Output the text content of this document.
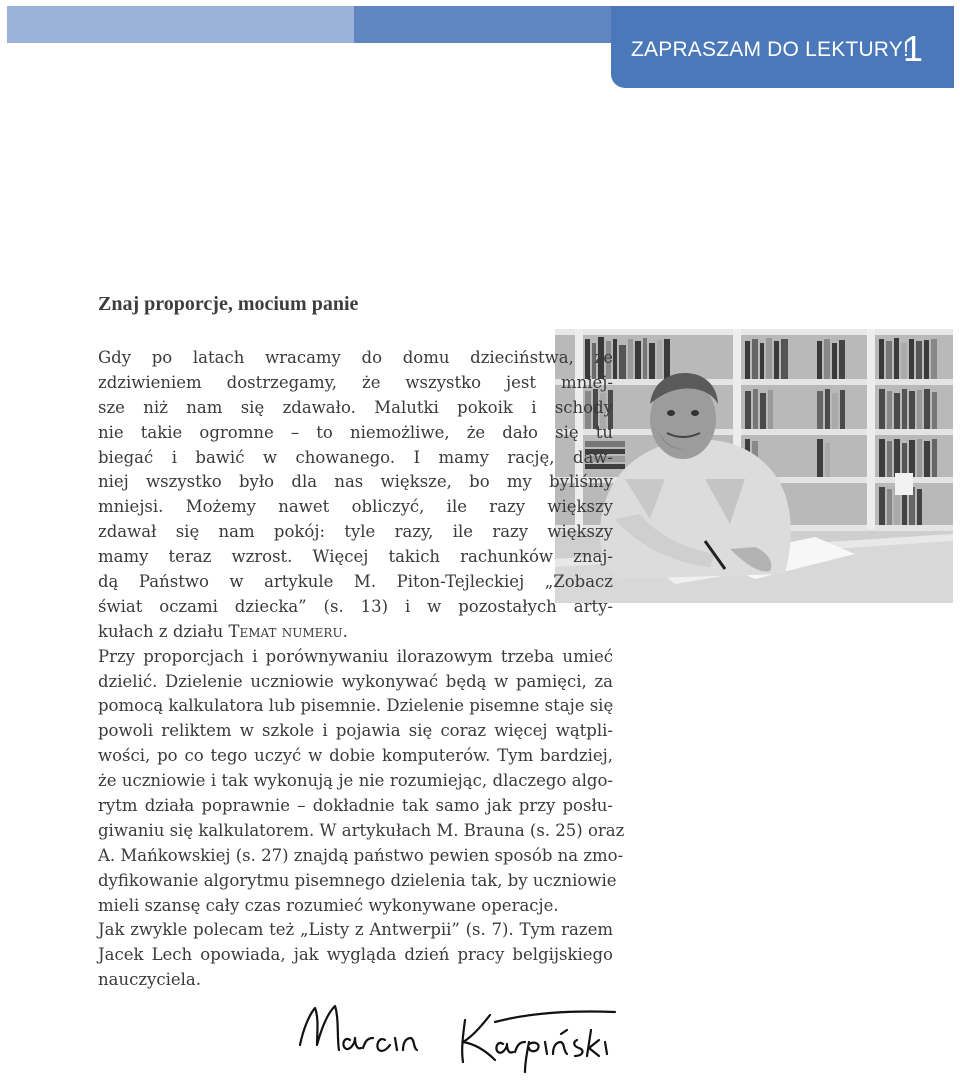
ZAPRASZAM DO LEKTURY!
1
Znaj proporcje, mocium panie
Gdy po latach wracamy do domu dzieciństwa, ze
zdziwieniem dostrzegamy, że wszystko jest mniej-
sze niż nam się zdawało. Malutki pokoik i schody
nie takie ogromne – to niemożliwe, że dało się tu
biegać i bawić w chowanego. I mamy rację, daw-
niej wszystko było dla nas większe, bo my byliśmy
mniejsi. Możemy nawet obliczyć, ile razy większy
zdawał się nam pokój: tyle razy, ile razy większy
mamy teraz wzrost. Więcej takich rachunków znaj-
dą Państwo w artykule M. Piton-Tejleckiej „Zobacz
świat oczami dziecka” (s. 13) i w pozostałych arty-
kułach z działu Temat numeru.
Przy proporcjach i porównywaniu ilorazowym trzeba umieć
dzielić. Dzielenie uczniowie wykonywać będą w pamięci, za
pomocą kalkulatora lub pisemnie. Dzielenie pisemne staje się
powoli reliktem w szkole i pojawia się coraz więcej wątpli-
wości, po co tego uczyć w dobie komputerów. Tym bardziej,
że uczniowie i tak wykonują je nie rozumiejąc, dlaczego algo-
rytm działa poprawnie – dokładnie tak samo jak przy posłu-
giwaniu się kalkulatorem. W artykułach M. Brauna (s. 25) oraz
A. Mańkowskiej (s. 27) znajdą państwo pewien sposób na zmo-
dyfikowanie algorytmu pisemnego dzielenia tak, by uczniowie
mieli szansę cały czas rozumieć wykonywane operacje.
Jak zwykle polecam też „Listy z Antwerpii” (s. 7). Tym razem
Jacek Lech opowiada, jak wygląda dzień pracy belgijskiego
nauczyciela.
